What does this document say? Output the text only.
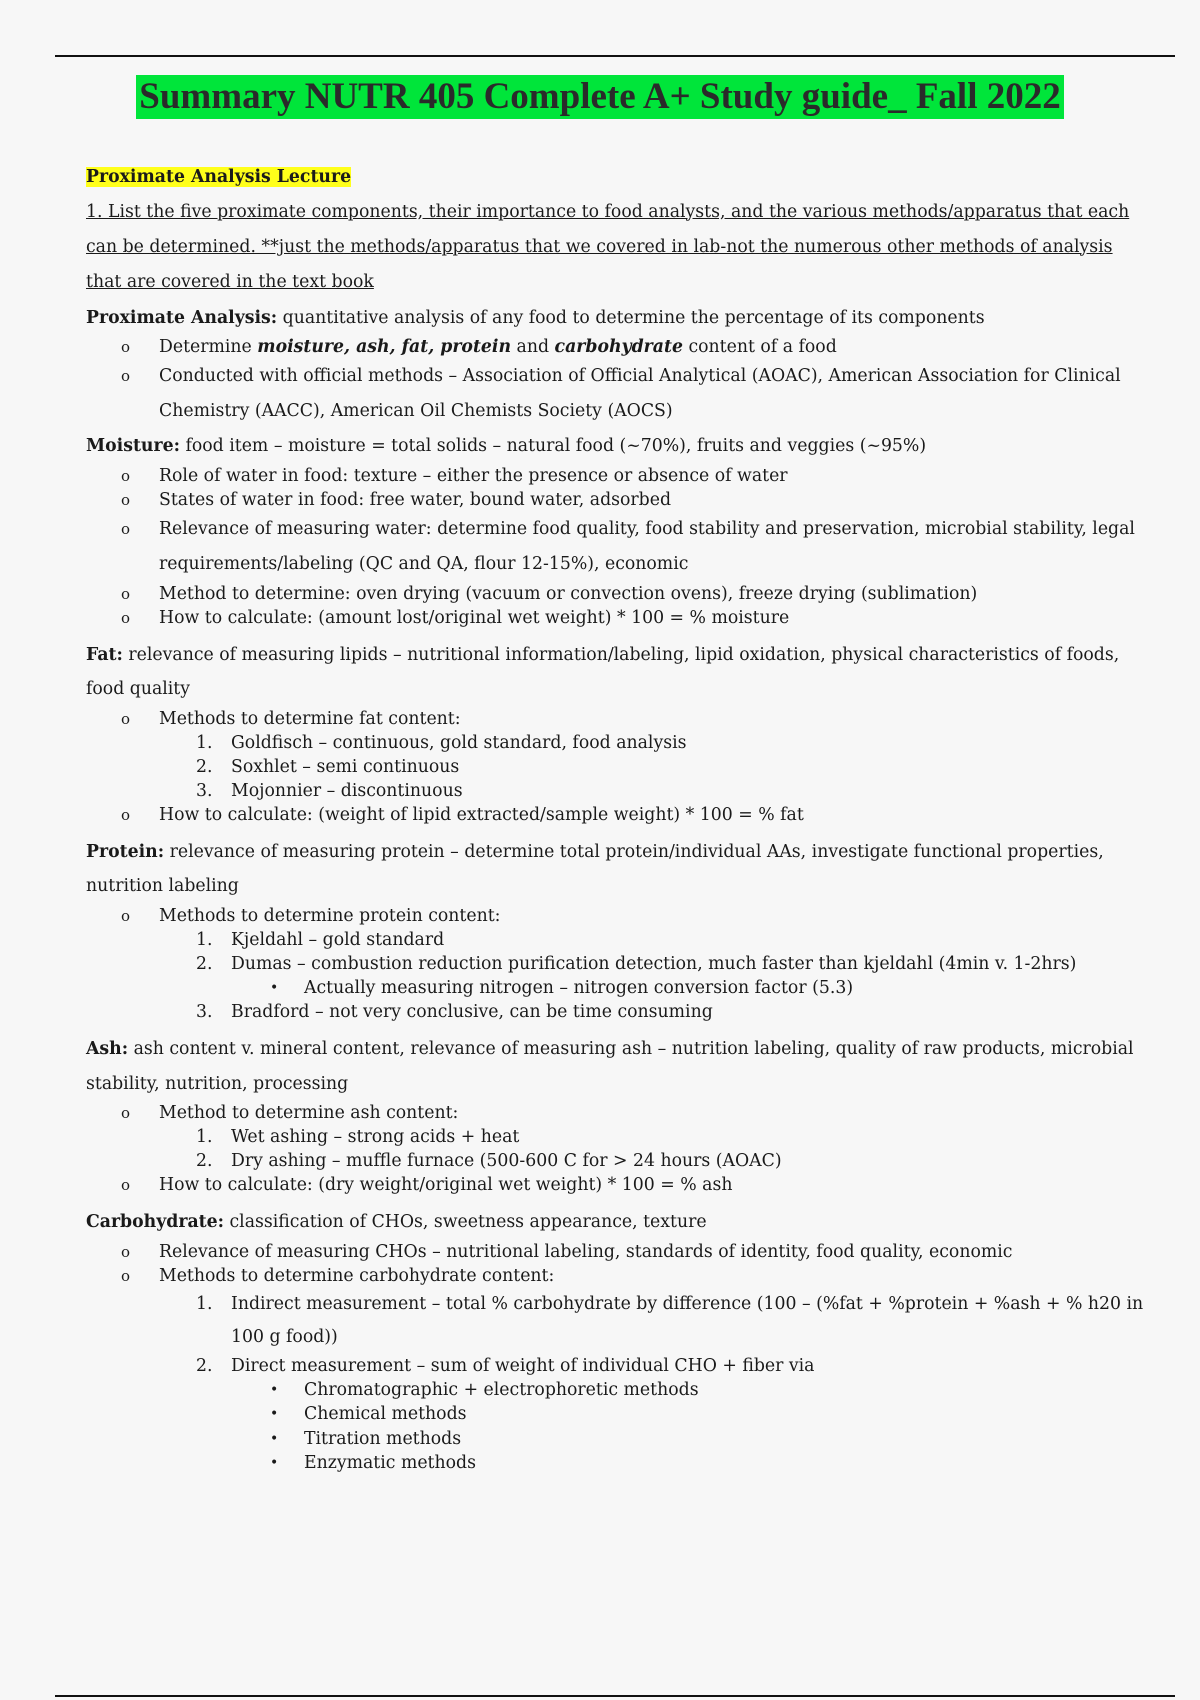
Summary NUTR 405 Complete A+ Study guide_ Fall 2022

Proximate Analysis Lecture

1. List the five proximate components, their importance to food analysts, and the various methods/apparatus that each can be determined. **just the methods/apparatus that we covered in lab-not the numerous other methods of analysis that are covered in the text book

Proximate Analysis: quantitative analysis of any food to determine the percentage of its components

o Determine moisture, ash, fat, protein and carbohydrate content of a food
o Conducted with official methods – Association of Official Analytical (AOAC), American Association for Clinical Chemistry (AACC), American Oil Chemists Society (AOCS)

Moisture: food item – moisture = total solids – natural food (~70%), fruits and veggies (~95%)

o Role of water in food: texture – either the presence or absence of water
o States of water in food: free water, bound water, adsorbed
o Relevance of measuring water: determine food quality, food stability and preservation, microbial stability, legal requirements/labeling (QC and QA, flour 12-15%), economic
o Method to determine: oven drying (vacuum or convection ovens), freeze drying (sublimation)
o How to calculate: (amount lost/original wet weight) * 100 = % moisture

Fat: relevance of measuring lipids – nutritional information/labeling, lipid oxidation, physical characteristics of foods, food quality

o Methods to determine fat content:
1. Goldfisch – continuous, gold standard, food analysis
2. Soxhlet – semi continuous
3. Mojonnier – discontinuous
o How to calculate: (weight of lipid extracted/sample weight) * 100 = % fat

Protein: relevance of measuring protein – determine total protein/individual AAs, investigate functional properties, nutrition labeling

o Methods to determine protein content:
1. Kjeldahl – gold standard
2. Dumas – combustion reduction purification detection, much faster than kjeldahl (4min v. 1-2hrs)
• Actually measuring nitrogen – nitrogen conversion factor (5.3)
3. Bradford – not very conclusive, can be time consuming

Ash: ash content v. mineral content, relevance of measuring ash – nutrition labeling, quality of raw products, microbial stability, nutrition, processing

o Method to determine ash content:
1. Wet ashing – strong acids + heat
2. Dry ashing – muffle furnace (500-600 C for > 24 hours (AOAC)
o How to calculate: (dry weight/original wet weight) * 100 = % ash

Carbohydrate: classification of CHOs, sweetness appearance, texture

o Relevance of measuring CHOs – nutritional labeling, standards of identity, food quality, economic
o Methods to determine carbohydrate content:
1. Indirect measurement – total % carbohydrate by difference (100 – (%fat + %protein + %ash + % h20 in 100 g food))
2. Direct measurement – sum of weight of individual CHO + fiber via
• Chromatographic + electrophoretic methods
• Chemical methods
• Titration methods
• Enzymatic methods
